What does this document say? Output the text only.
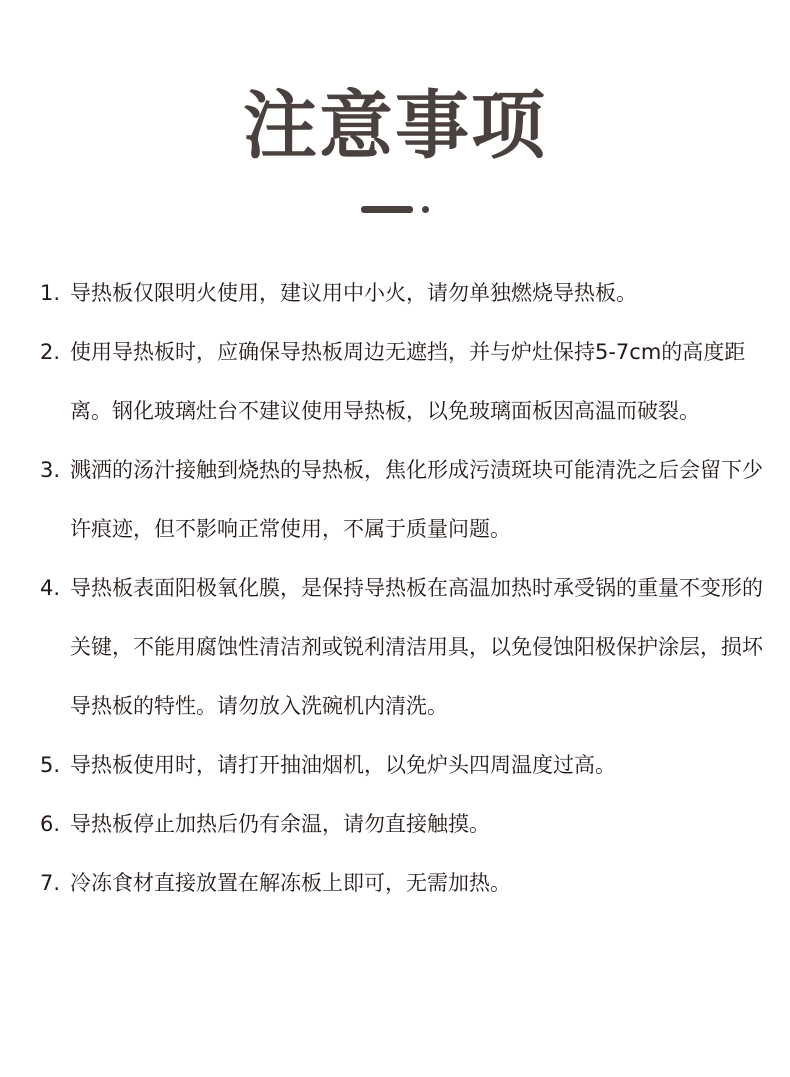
注意事项
1. 导热板仅限明火使用，建议用中小火，请勿单独燃烧导热板。
2. 使用导热板时，应确保导热板周边无遮挡，并与炉灶保持5-7cm的高度距离。钢化玻璃灶台不建议使用导热板，以免玻璃面板因高温而破裂。
3. 溅洒的汤汁接触到烧热的导热板，焦化形成污渍斑块可能清洗之后会留下少许痕迹，但不影响正常使用，不属于质量问题。
4. 导热板表面阳极氧化膜，是保持导热板在高温加热时承受锅的重量不变形的关键，不能用腐蚀性清洁剂或锐利清洁用具，以免侵蚀阳极保护涂层，损坏导热板的特性。请勿放入洗碗机内清洗。
5. 导热板使用时，请打开抽油烟机，以免炉头四周温度过高。
6. 导热板停止加热后仍有余温，请勿直接触摸。
7. 冷冻食材直接放置在解冻板上即可，无需加热。
